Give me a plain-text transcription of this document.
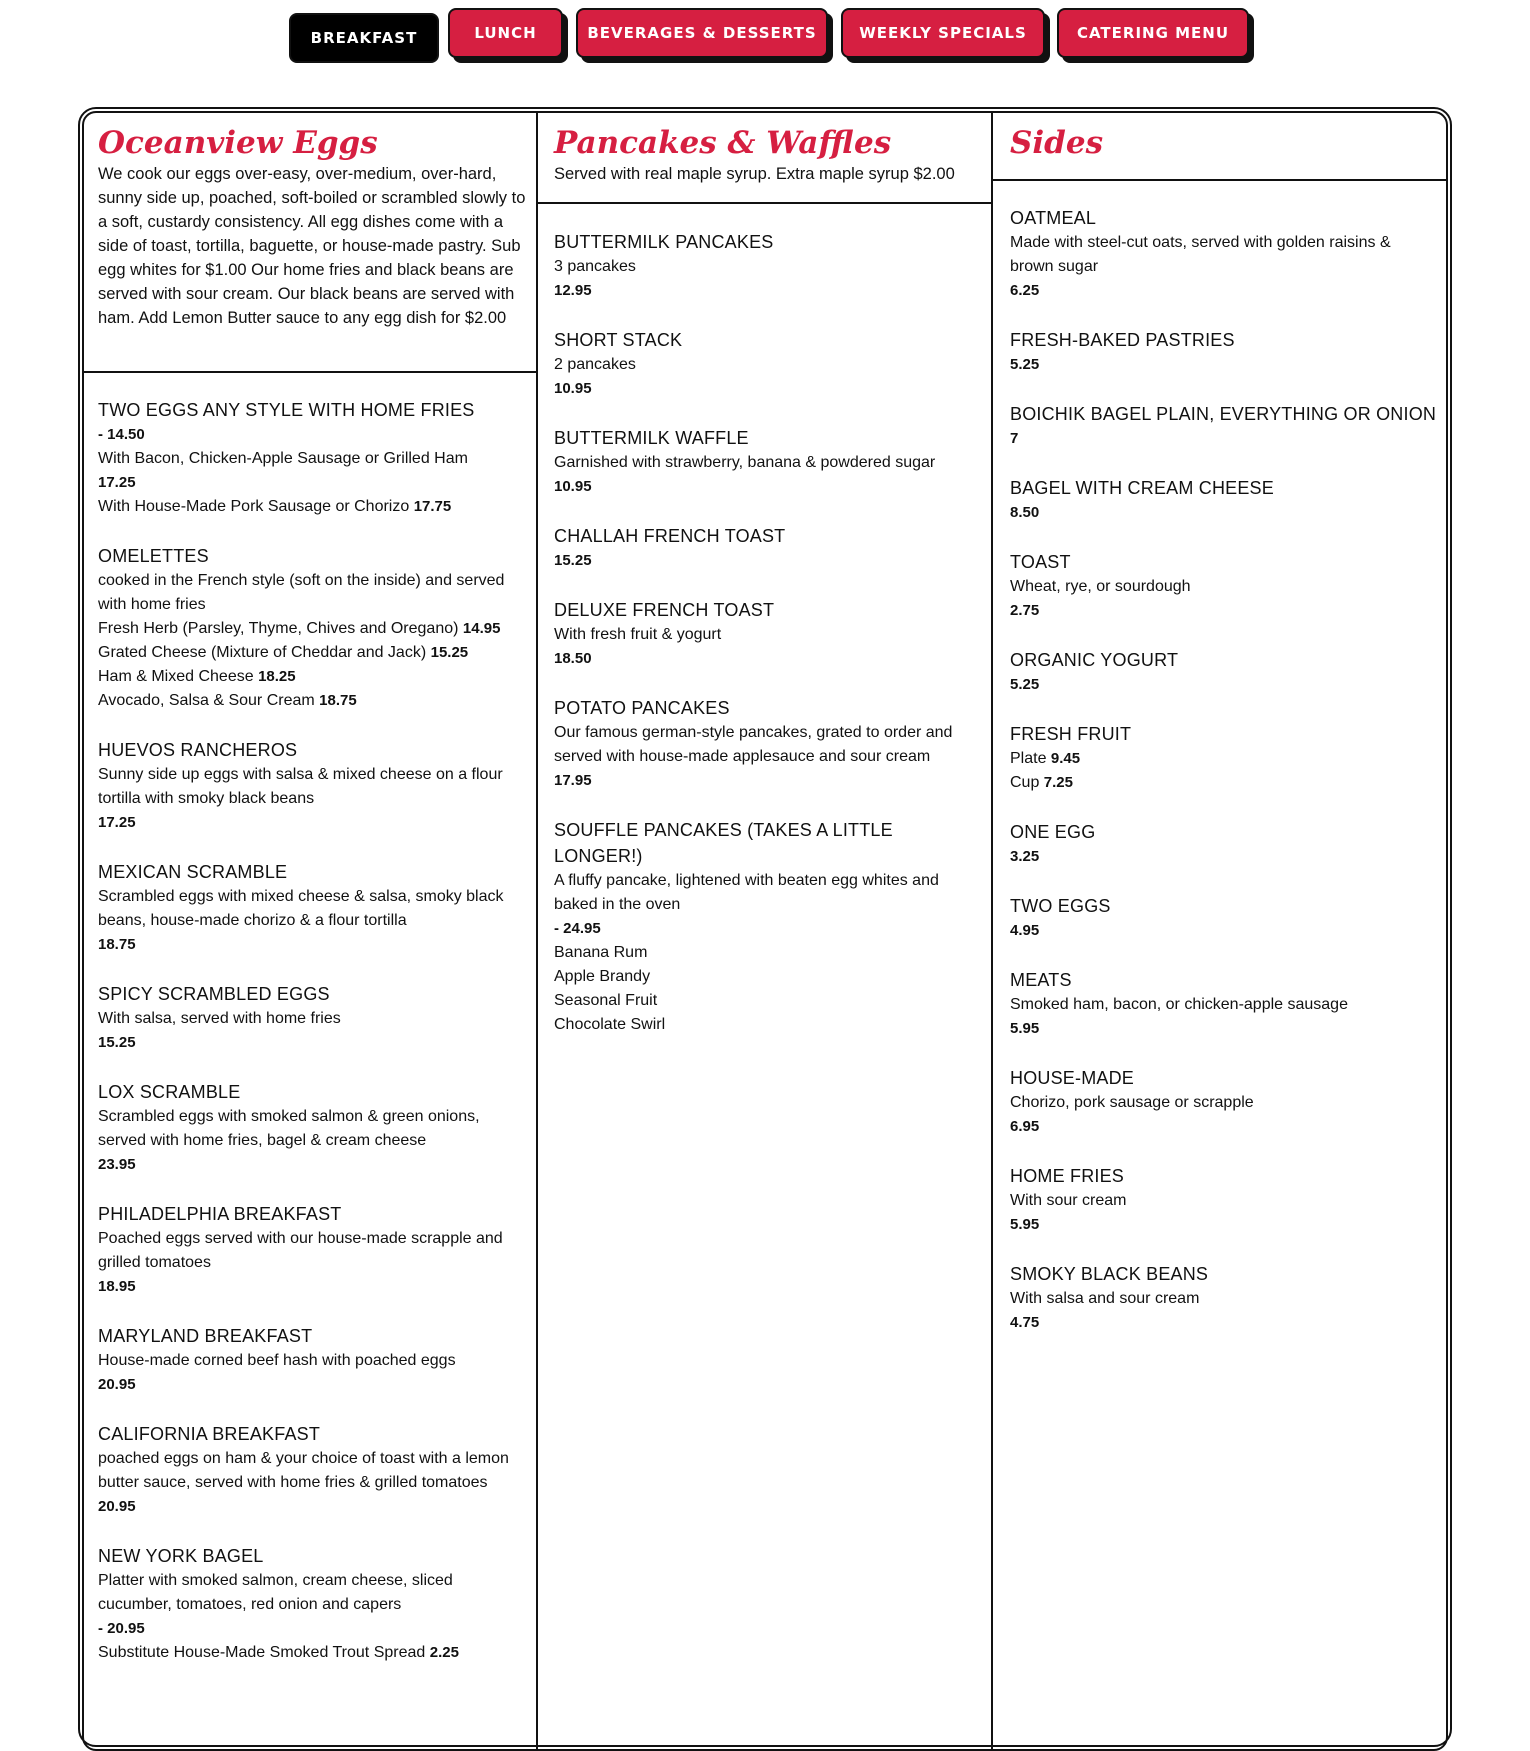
BREAKFAST	LUNCH	BEVERAGES & DESSERTS	WEEKLY SPECIALS	CATERING MENU
Oceanview Eggs
We cook our eggs over-easy, over-medium, over-hard, sunny side up, poached, soft-boiled or scrambled slowly to a soft, custardy consistency. All egg dishes come with a side of toast, tortilla, baguette, or house-made pastry. Sub egg whites for $1.00 Our home fries and black beans are served with sour cream. Our black beans are served with ham. Add Lemon Butter sauce to any egg dish for $2.00
TWO EGGS ANY STYLE WITH HOME FRIES
- 14.50
With Bacon, Chicken-Apple Sausage or Grilled Ham
17.25
With House-Made Pork Sausage or Chorizo 17.75
OMELETTES
cooked in the French style (soft on the inside) and served with home fries
Fresh Herb (Parsley, Thyme, Chives and Oregano) 14.95
Grated Cheese (Mixture of Cheddar and Jack) 15.25
Ham & Mixed Cheese 18.25
Avocado, Salsa & Sour Cream 18.75
HUEVOS RANCHEROS
Sunny side up eggs with salsa & mixed cheese on a flour tortilla with smoky black beans
17.25
MEXICAN SCRAMBLE
Scrambled eggs with mixed cheese & salsa, smoky black beans, house-made chorizo & a flour tortilla
18.75
SPICY SCRAMBLED EGGS
With salsa, served with home fries
15.25
LOX SCRAMBLE
Scrambled eggs with smoked salmon & green onions, served with home fries, bagel & cream cheese
23.95
PHILADELPHIA BREAKFAST
Poached eggs served with our house-made scrapple and grilled tomatoes
18.95
MARYLAND BREAKFAST
House-made corned beef hash with poached eggs
20.95
CALIFORNIA BREAKFAST
poached eggs on ham & your choice of toast with a lemon butter sauce, served with home fries & grilled tomatoes
20.95
NEW YORK BAGEL
Platter with smoked salmon, cream cheese, sliced cucumber, tomatoes, red onion and capers
- 20.95
Substitute House-Made Smoked Trout Spread 2.25
Pancakes & Waffles
Served with real maple syrup. Extra maple syrup $2.00
BUTTERMILK PANCAKES
3 pancakes
12.95
SHORT STACK
2 pancakes
10.95
BUTTERMILK WAFFLE
Garnished with strawberry, banana & powdered sugar
10.95
CHALLAH FRENCH TOAST
15.25
DELUXE FRENCH TOAST
With fresh fruit & yogurt
18.50
POTATO PANCAKES
Our famous german-style pancakes, grated to order and served with house-made applesauce and sour cream
17.95
SOUFFLE PANCAKES (TAKES A LITTLE LONGER!)
A fluffy pancake, lightened with beaten egg whites and baked in the oven
- 24.95
Banana Rum
Apple Brandy
Seasonal Fruit
Chocolate Swirl
Sides
OATMEAL
Made with steel-cut oats, served with golden raisins & brown sugar
6.25
FRESH-BAKED PASTRIES
5.25
BOICHIK BAGEL PLAIN, EVERYTHING OR ONION
7
BAGEL WITH CREAM CHEESE
8.50
TOAST
Wheat, rye, or sourdough
2.75
ORGANIC YOGURT
5.25
FRESH FRUIT
Plate 9.45
Cup 7.25
ONE EGG
3.25
TWO EGGS
4.95
MEATS
Smoked ham, bacon, or chicken-apple sausage
5.95
HOUSE-MADE
Chorizo, pork sausage or scrapple
6.95
HOME FRIES
With sour cream
5.95
SMOKY BLACK BEANS
With salsa and sour cream
4.75
